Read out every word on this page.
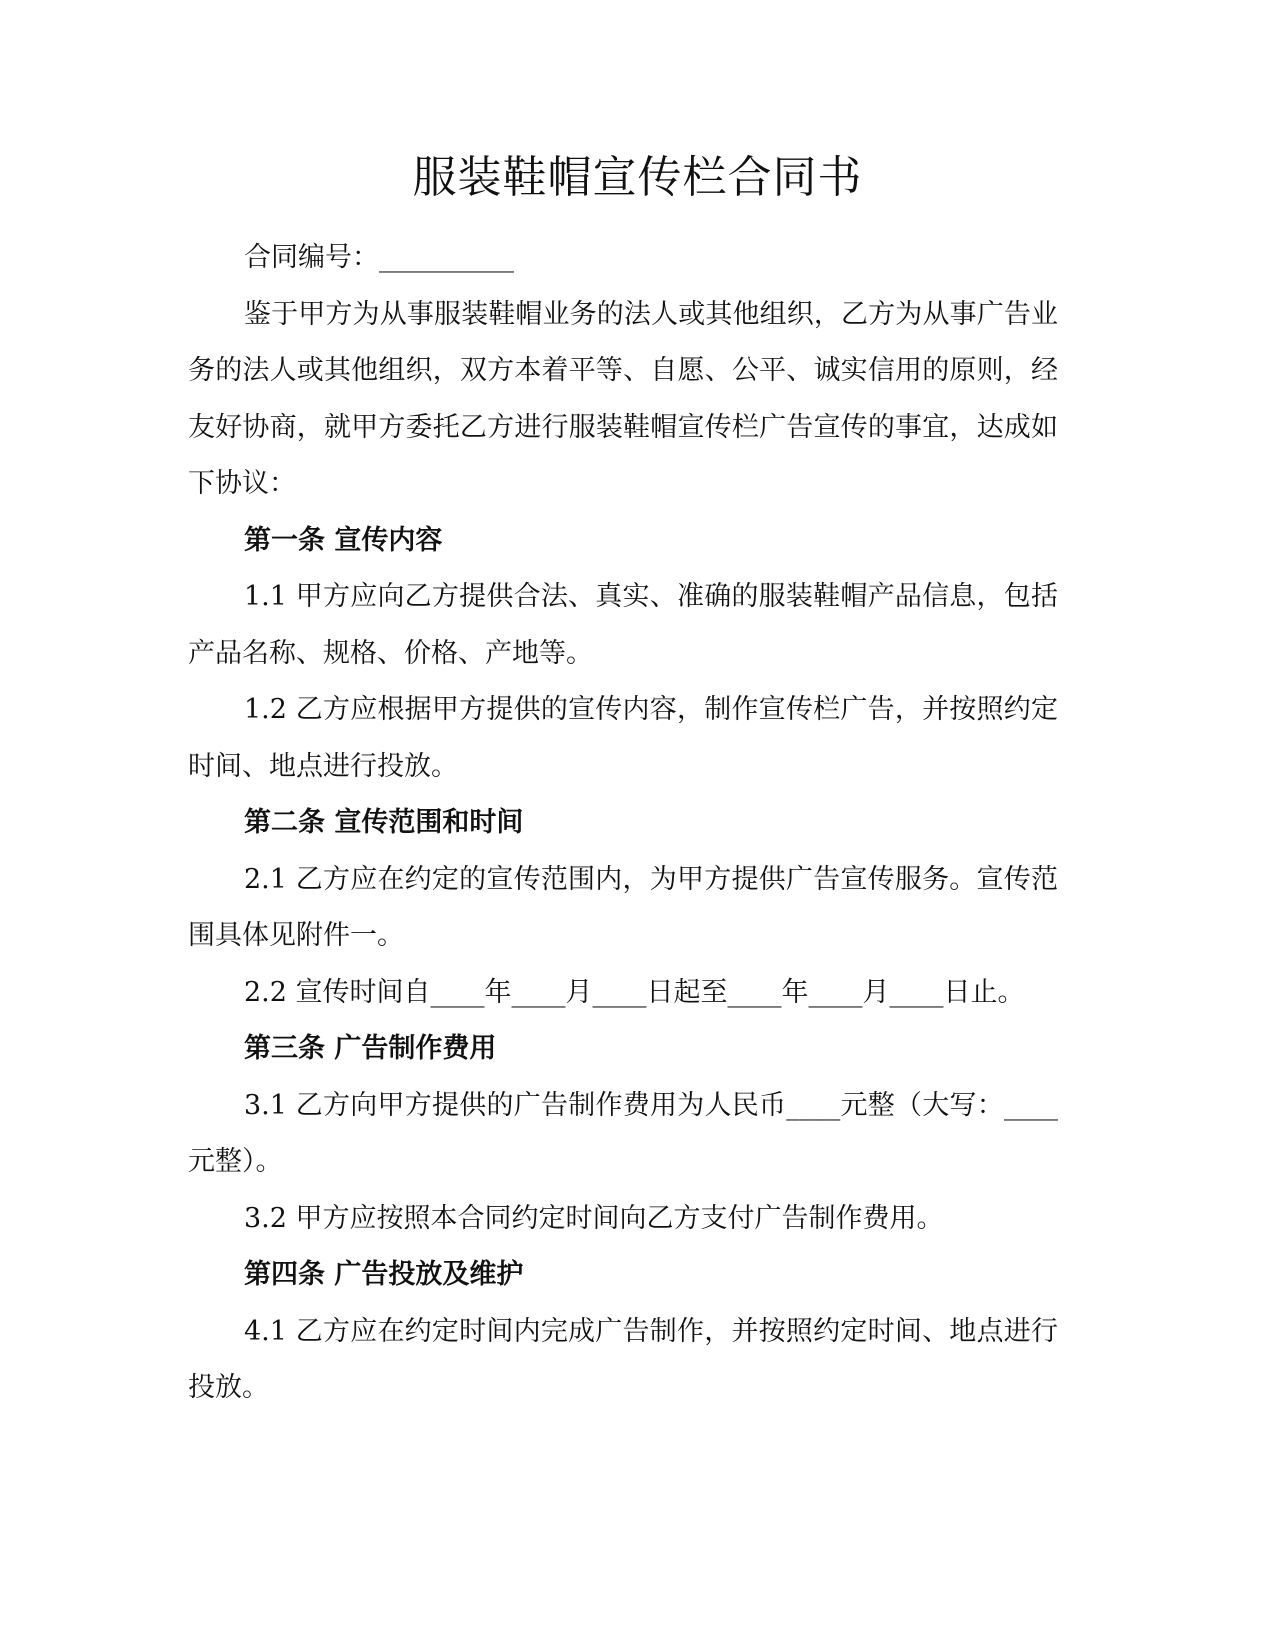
服装鞋帽宣传栏合同书

合同编号：__________

鉴于甲方为从事服装鞋帽业务的法人或其他组织，乙方为从事广告业务的法人或其他组织，双方本着平等、自愿、公平、诚实信用的原则，经友好协商，就甲方委托乙方进行服装鞋帽宣传栏广告宣传的事宜，达成如下协议：

第一条 宣传内容

1.1 甲方应向乙方提供合法、真实、准确的服装鞋帽产品信息，包括产品名称、规格、价格、产地等。

1.2 乙方应根据甲方提供的宣传内容，制作宣传栏广告，并按照约定时间、地点进行投放。

第二条 宣传范围和时间

2.1 乙方应在约定的宣传范围内，为甲方提供广告宣传服务。宣传范围具体见附件一。

2.2 宣传时间自____年____月____日起至____年____月____日止。

第三条 广告制作费用

3.1 乙方向甲方提供的广告制作费用为人民币____元整（大写：____元整）。

3.2 甲方应按照本合同约定时间向乙方支付广告制作费用。

第四条 广告投放及维护

4.1 乙方应在约定时间内完成广告制作，并按照约定时间、地点进行投放。
